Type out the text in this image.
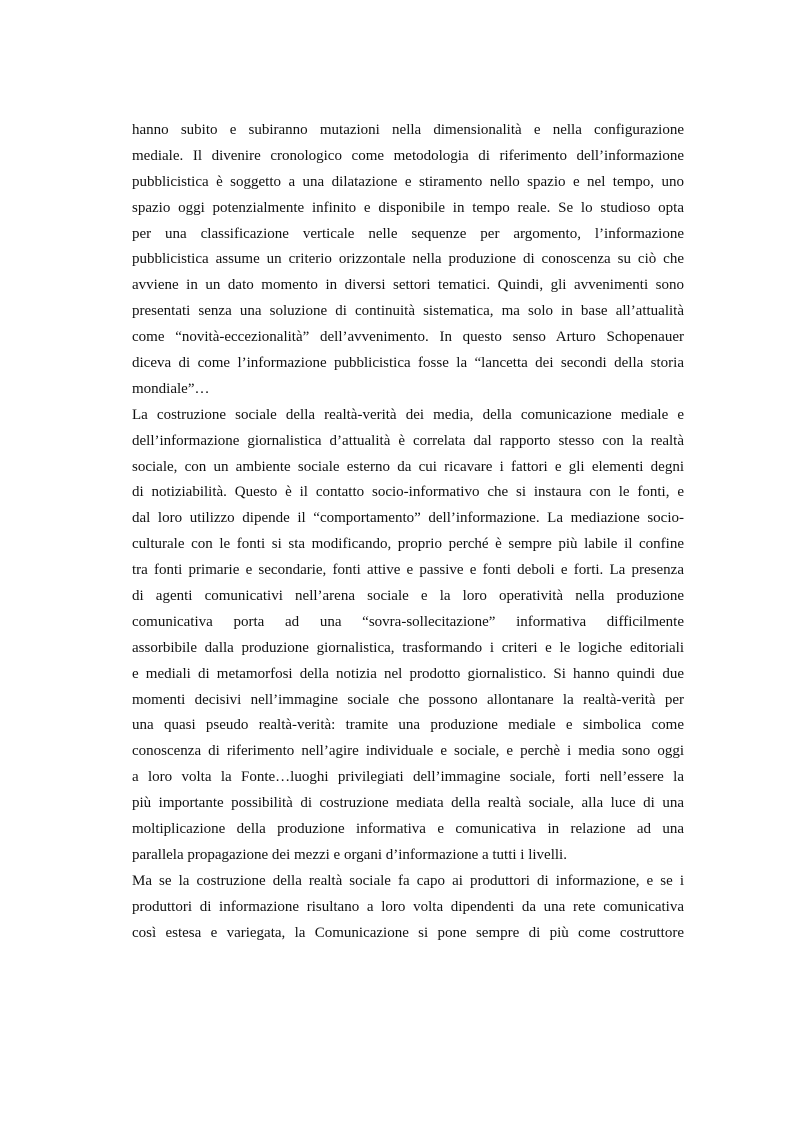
hanno subito e subiranno mutazioni nella dimensionalità e nella configurazione
mediale. Il divenire cronologico come metodologia di riferimento dell’informazione
pubblicistica è soggetto a una dilatazione e stiramento nello spazio e nel tempo, uno
spazio oggi potenzialmente infinito e disponibile in tempo reale. Se lo studioso opta
per una classificazione verticale nelle sequenze per argomento, l’informazione
pubblicistica assume un criterio orizzontale nella produzione di conoscenza su ciò che
avviene in un dato momento in diversi settori tematici. Quindi, gli avvenimenti sono
presentati senza una soluzione di continuità sistematica, ma solo in base all’attualità
come “novità-eccezionalità” dell’avvenimento. In questo senso Arturo Schopenauer
diceva di come l’informazione pubblicistica fosse la “lancetta dei secondi della storia
mondiale”…
La costruzione sociale della realtà-verità dei media, della comunicazione mediale e
dell’informazione giornalistica d’attualità è correlata dal rapporto stesso con la realtà
sociale, con un ambiente sociale esterno da cui ricavare i fattori e gli elementi degni
di notiziabilità. Questo è il contatto socio-informativo che si instaura con le fonti, e
dal loro utilizzo dipende il “comportamento” dell’informazione. La mediazione socio-
culturale con le fonti si sta modificando, proprio perché è sempre più labile il confine
tra fonti primarie e secondarie, fonti attive e passive e fonti deboli e forti. La presenza
di agenti comunicativi nell’arena sociale e la loro operatività nella produzione
comunicativa porta ad una “sovra-sollecitazione” informativa difficilmente
assorbibile dalla produzione giornalistica, trasformando i criteri e le logiche editoriali
e mediali di metamorfosi della notizia nel prodotto giornalistico. Si hanno quindi due
momenti decisivi nell’immagine sociale che possono allontanare la realtà-verità per
una quasi pseudo realtà-verità: tramite una produzione mediale e simbolica come
conoscenza di riferimento nell’agire individuale e sociale, e perchè i media sono oggi
a loro volta la Fonte…luoghi privilegiati dell’immagine sociale, forti nell’essere la
più importante possibilità di costruzione mediata della realtà sociale, alla luce di una
moltiplicazione della produzione informativa e comunicativa in relazione ad una
parallela propagazione dei mezzi e organi d’informazione a tutti i livelli.
Ma se la costruzione della realtà sociale fa capo ai produttori di informazione, e se i
produttori di informazione risultano a loro volta dipendenti da una rete comunicativa
così estesa e variegata, la Comunicazione si pone sempre di più come costruttore
